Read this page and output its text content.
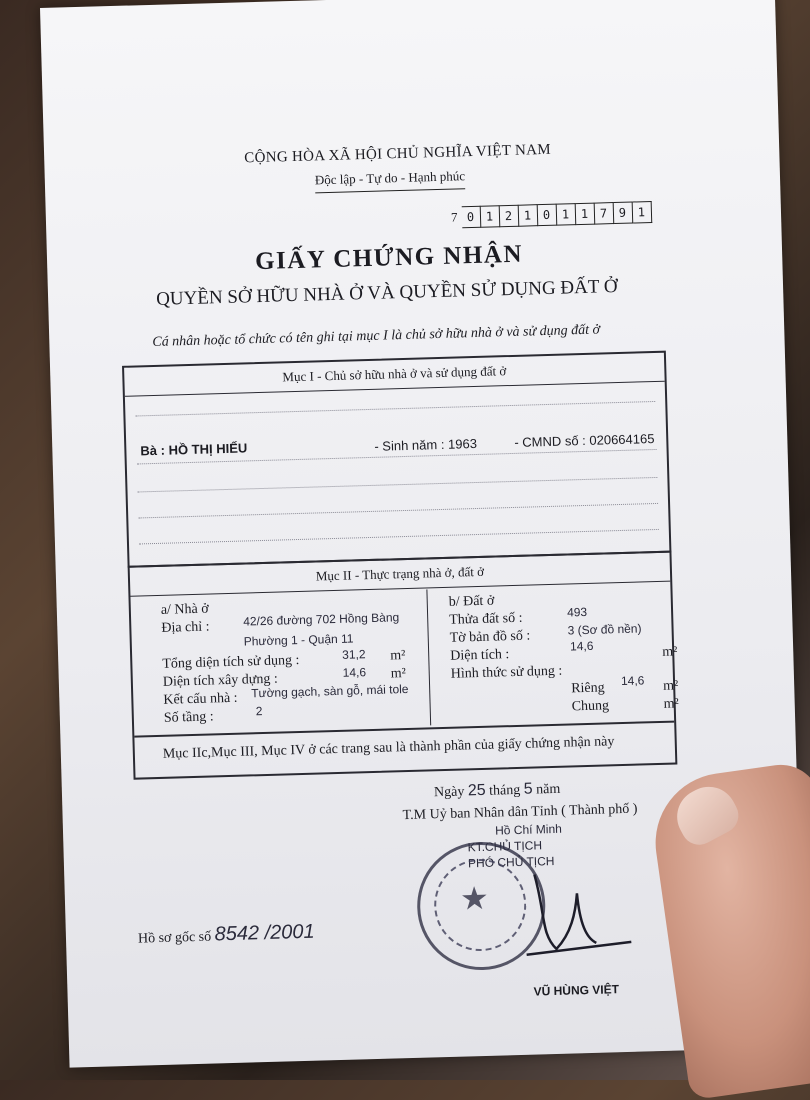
CỘNG HÒA XÃ HỘI CHỦ NGHĨA VIỆT NAM
Độc lập - Tự do - Hạnh phúc
7 0 1 2 1 0 1 1 7 9 1
GIẤY CHỨNG NHẬN
QUYỀN SỞ HỮU NHÀ Ở VÀ QUYỀN SỬ DỤNG ĐẤT Ở
Cá nhân hoặc tổ chức có tên ghi tại mục I là chủ sở hữu nhà ở và sử dụng đất ở
Mục I - Chủ sở hữu nhà ở và sử dụng đất ở
Bà : HỒ THỊ HIẾU	- Sinh năm : 1963	- CMND số : 020664165
Mục II - Thực trạng nhà ở, đất ở
a/ Nhà ở
Địa chỉ :	42/26 đường 702 Hồng Bàng
Phường 1 - Quận 11
Tổng diện tích sử dụng :	31,2 m²
Diện tích xây dựng :	14,6 m²
Kết cấu nhà : Tường gạch, sàn gỗ, mái tole
Số tầng :	2
b/ Đất ở
Thửa đất số :	493
Tờ bản đồ số :	3 (Sơ đồ nền)
Diện tích :
14,6	m²
Hình thức sử dụng :
Riêng 14,6 m²
Chung	m²
Mục IIc,Mục III, Mục IV ở các trang sau là thành phần của giấy chứng nhận này
Ngày 25 tháng 5 năm
T.M Uỷ ban Nhân dân Tỉnh ( Thành phố )
Hồ Chí Minh
KT.CHỦ TỊCH
PHÓ CHỦ TỊCH
★
Hồ sơ gốc số 8542 /2001
VŨ HÙNG VIỆT
